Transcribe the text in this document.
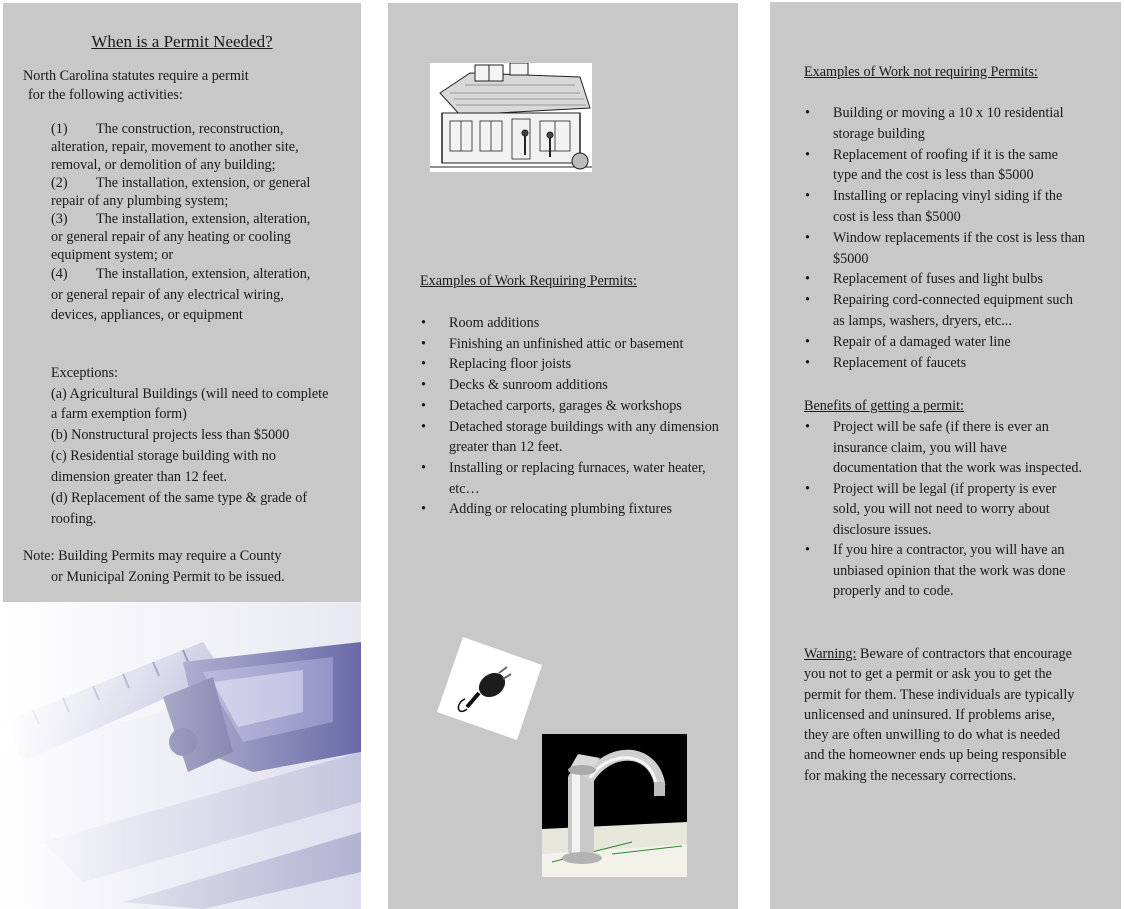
When is a Permit Needed?
North Carolina statutes require a permit
for the following activities:
(1) The construction, reconstruction, alteration, repair, movement to another site, removal, or demolition of any building;
(2) The installation, extension, or general repair of any plumbing system;
(3) The installation, extension, alteration, or general repair of any heating or cooling equipment system; or
(4) The installation, extension, alteration, or general repair of any electrical wiring, devices, appliances, or equipment
Exceptions:
(a) Agricultural Buildings (will need to complete a farm exemption form)
(b) Nonstructural projects less than $5000
(c) Residential storage building with no dimension greater than 12 feet.
(d) Replacement of the same type & grade of roofing.
Note: Building Permits may require a County
or Municipal Zoning Permit to be issued.
Examples of Work Requiring Permits:
• Room additions
• Finishing an unfinished attic or basement
• Replacing floor joists
• Decks & sunroom additions
• Detached carports, garages & workshops
• Detached storage buildings with any dimension greater than 12 feet.
• Installing or replacing furnaces, water heater, etc…
• Adding or relocating plumbing fixtures
Examples of Work not requiring Permits:
• Building or moving a 10 x 10 residential storage building
• Replacement of roofing if it is the same type and the cost is less than $5000
• Installing or replacing vinyl siding if the cost is less than $5000
• Window replacements if the cost is less than $5000
• Replacement of fuses and light bulbs
• Repairing cord-connected equipment such as lamps, washers, dryers, etc...
• Repair of a damaged water line
• Replacement of faucets
Benefits of getting a permit:
• Project will be safe (if there is ever an insurance claim, you will have documentation that the work was inspected.
• Project will be legal (if property is ever sold, you will not need to worry about disclosure issues.
• If you hire a contractor, you will have an unbiased opinion that the work was done properly and to code.
Warning: Beware of contractors that encourage you not to get a permit or ask you to get the permit for them. These individuals are typically unlicensed and uninsured. If problems arise, they are often unwilling to do what is needed and the homeowner ends up being responsible for making the necessary corrections.
